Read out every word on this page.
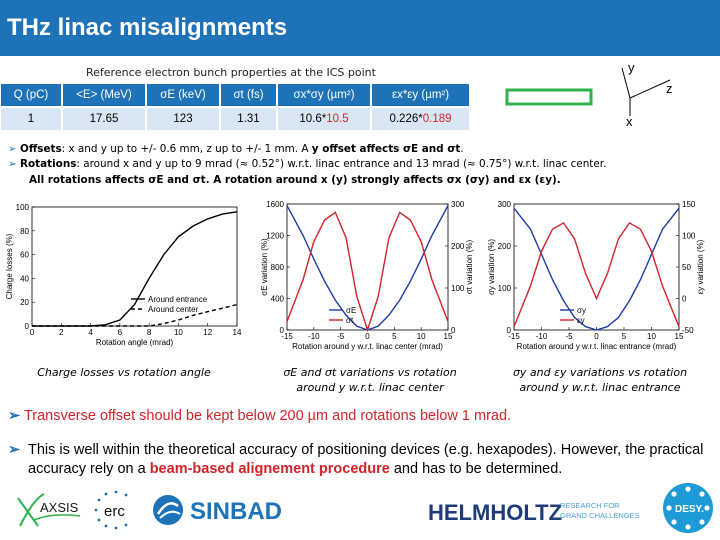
THz linac misalignments
Reference electron bunch properties at the ICS point
Q (pC)	<E> (MeV)	σE (keV)	σt (fs)	σx*σy (µm²)	εx*εy (µm²)
1	17.65	123	1.31	10.6*10.5	0.226*0.189
y
z
x
➢ Offsets: x and y up to +/- 0.6 mm, z up to +/- 1 mm. A y offset affects σE and σt.
➢ Rotations: around x and y up to 9 mrad (≈ 0.52°) w.r.t. linac entrance and 13 mrad (≈ 0.75°) w.r.t. linac center.
All rotations affects σE and σt. A rotation around x (y) strongly affects σx (σy) and εx (εy).
0	2	4	6	8	10	12	14
0
20
40
60
80
100
Rotation angle (mrad)
Charge losses (%)
Around entrance
Around center
Charge losses vs rotation angle
-15 -10 -5	0	5	10 15
0
400
800
1200
1600
0
100
200
300
Rotation around y w.r.t. linac center (mrad)
σE variation (%)	σt variation (%)
σE
σt
σE and σt variations vs rotation
around y w.r.t. linac center
-15 -10 -5	0	5	10 15
0
100
200
300
-50
0
50
100
150
Rotation around y w.r.t. linac entrance (mrad)
σy variation (%)	εy variation (%)
σy
εy
σy and εy variations vs rotation
around y w.r.t. linac entrance
➢ Transverse offset should be kept below 200 µm and rotations below 1 mrad.
➢ This is well within the theoretical accuracy of positioning devices (e.g. hexapodes). However, the practical accuracy rely on a beam-based alignement procedure and has to be determined.
AXSIS erc	SINBAD	HELMHOLTZ
RESEARCH FOR
GRAND CHALLENGES
DESY.
